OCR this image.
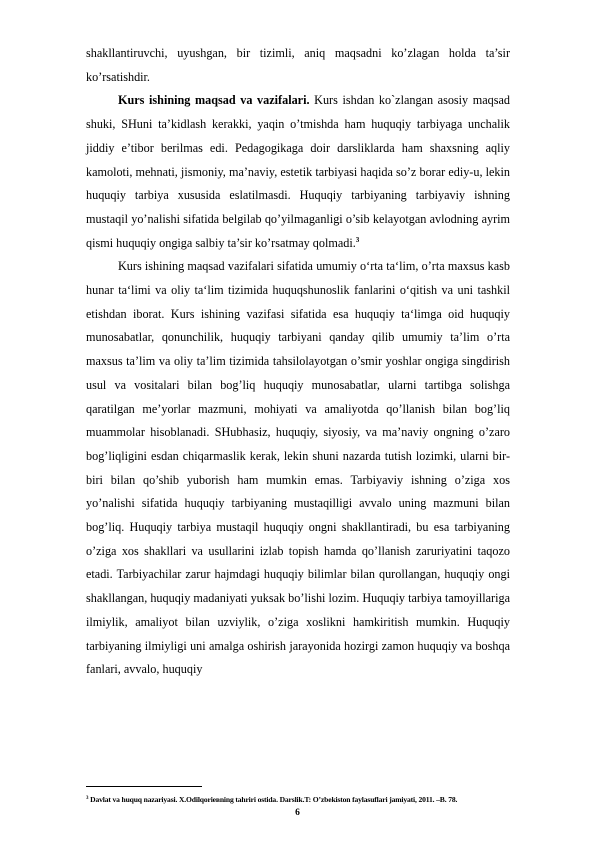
shakllantiruvchi, uyushgan, bir tizimli, aniq maqsadni ko’zlagan holda ta’sir ko’rsatishdir.

Kurs ishining maqsad va vazifalari. Kurs ishdan ko`zlangan asosiy maqsad shuki, SHuni ta’kidlash kerakki, yaqin o’tmishda ham huquqiy tarbiyaga unchalik jiddiy e’tibor berilmas edi. Pedagogikaga doir darsliklarda ham shaxsning aqliy kamoloti, mehnati, jismoniy, ma’naviy, estetik tarbiyasi haqida so’z borar ediy-u, lekin huquqiy tarbiya xususida eslatilmasdi. Huquqiy tarbiyaning tarbiyaviy ishning mustaqil yo’nalishi sifatida belgilab qo’yilmaganligi o’sib kelayotgan avlodning ayrim qismi huquqiy ongiga salbiy ta’sir ko’rsatmay qolmadi.$^3$

Kurs ishining maqsad vazifalari sifatida umumiy o‘rta ta‘lim, o’rta maxsus kasb hunar ta‘limi va oliy ta‘lim tizimida huquqshunoslik fanlarini o‘qitish va uni tashkil etishdan iborat. Kurs ishining vazifasi sifatida esa huquqiy ta‘limga oid huquqiy munosabatlar, qonunchilik, huquqiy tarbiyani qanday qilib umumiy ta’lim o’rta maxsus ta’lim va oliy ta’lim tizimida tahsilolayotgan o’smir yoshlar ongiga singdirish usul va vositalari bilan bog’liq huquqiy munosabatlar, ularni tartibga solishga qaratilgan me’yorlar mazmuni, mohiyati va amaliyotda qo’llanish bilan bog’liq muammolar hisoblanadi. SHubhasiz, huquqiy, siyosiy, va ma’naviy ongning o’zaro bog’liqligini esdan chiqarmaslik kerak, lekin shuni nazarda tutish lozimki, ularni bir-biri bilan qo’shib yuborish ham mumkin emas. Tarbiyaviy ishning o’ziga xos yo’nalishi sifatida huquqiy tarbiyaning mustaqilligi avvalo uning mazmuni bilan bog’liq. Huquqiy tarbiya mustaqil huquqiy ongni shakllantiradi, bu esa tarbiyaning o’ziga xos shakllari va usullarini izlab topish hamda qo’llanish zaruriyatini taqozo etadi. Tarbiyachilar zarur hajmdagi huquqiy bilimlar bilan qurollangan, huquqiy ongi shakllangan, huquqiy madaniyati yuksak bo’lishi lozim. Huquqiy tarbiya tamoyillariga ilmiylik, amaliyot bilan uzviylik, o’ziga xoslikni hamkiritish mumkin. Huquqiy tarbiyaning ilmiyligi uni amalga oshirish jarayonida hozirgi zamon huquqiy va boshqa fanlari, avvalo, huquqiy

$^3$ Davlat va huquq nazariyasi. X.Odilqoriевning tahriri ostida. Darslik.T: O’zbekiston faylasuflari jamiyati, 2011. –B. 78.
6
